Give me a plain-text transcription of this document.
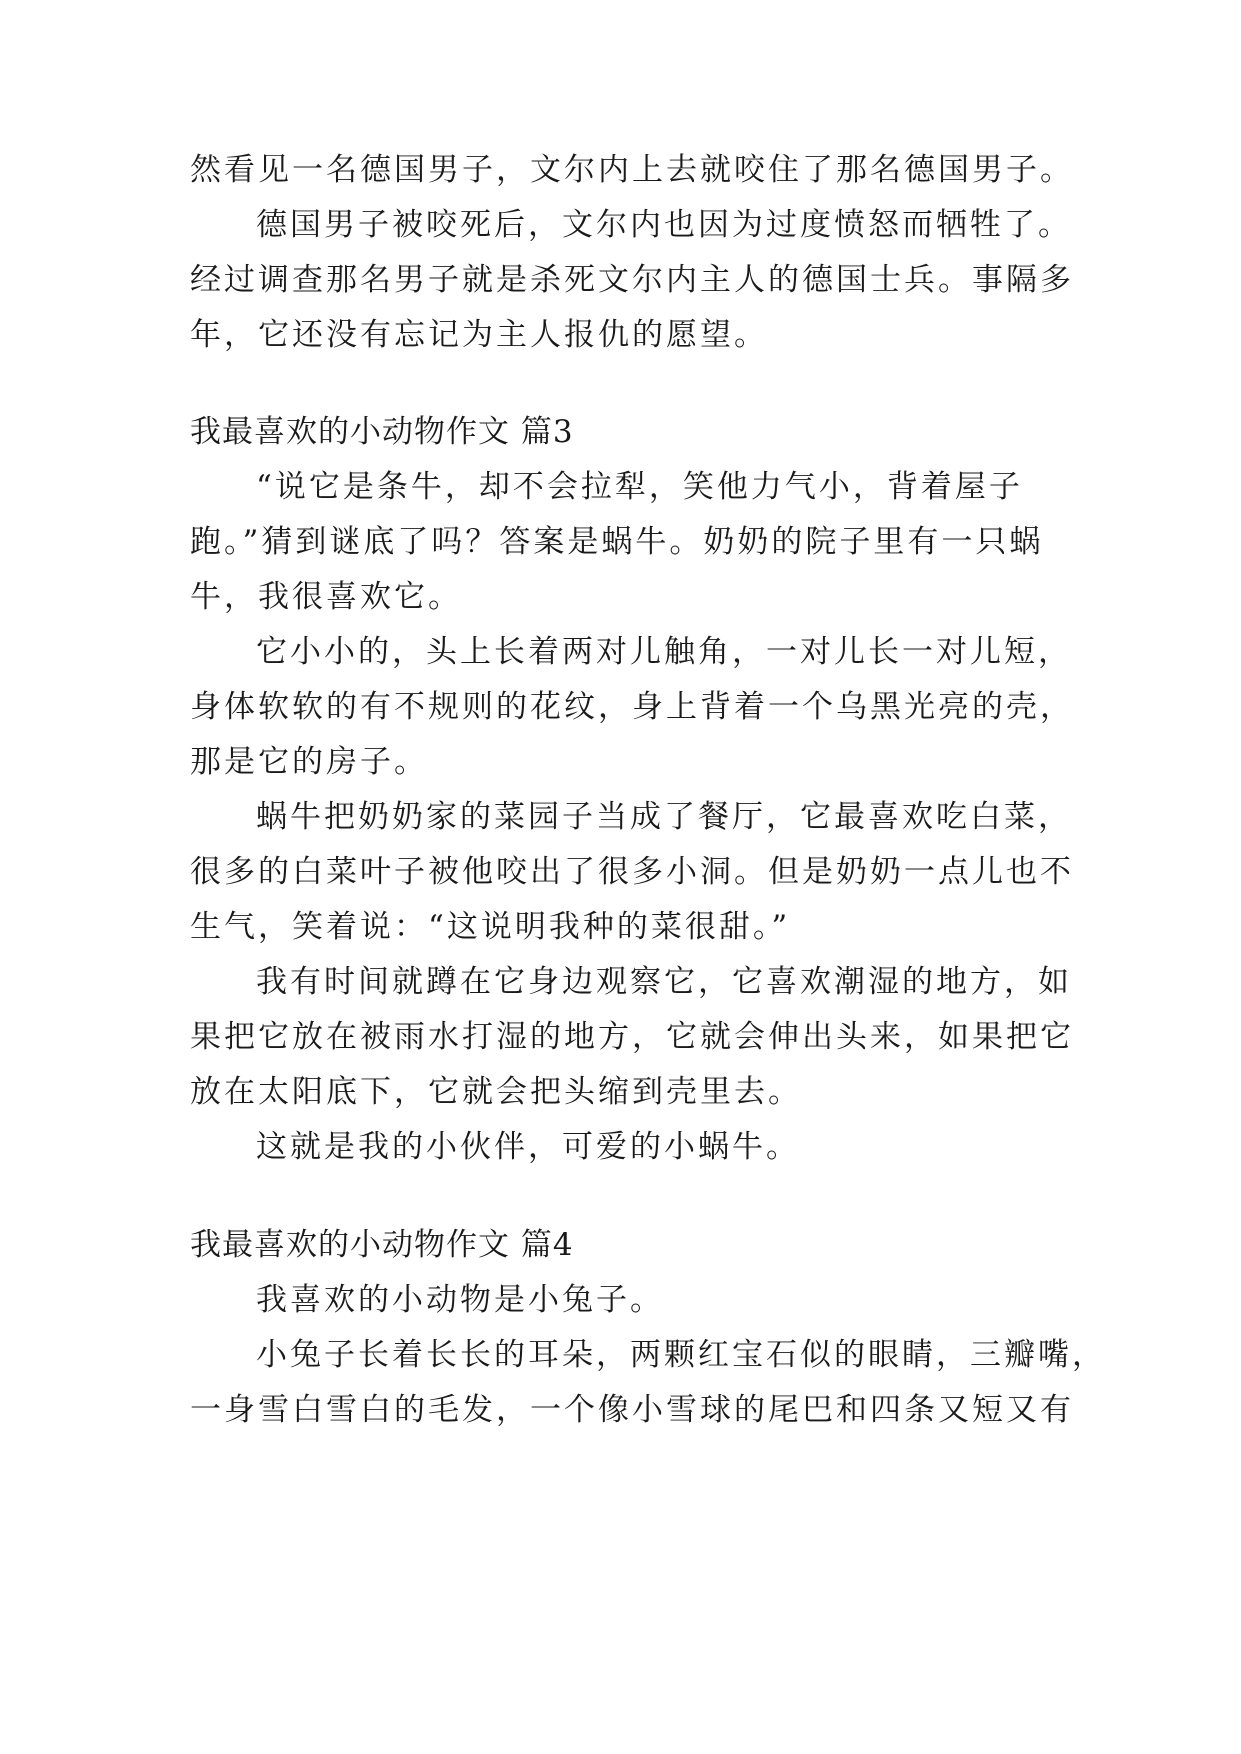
然看见一名德国男子，文尔内上去就咬住了那名德国男子。
德国男子被咬死后，文尔内也因为过度愤怒而牺牲了。
经过调查那名男子就是杀死文尔内主人的德国士兵。事隔多
年，它还没有忘记为主人报仇的愿望。
我最喜欢的小动物作文 篇3
“说它是条牛，却不会拉犁，笑他力气小，背着屋子
跑。”猜到谜底了吗？答案是蜗牛。奶奶的院子里有一只蜗
牛，我很喜欢它。
它小小的，头上长着两对儿触角，一对儿长一对儿短，
身体软软的有不规则的花纹，身上背着一个乌黑光亮的壳，
那是它的房子。
蜗牛把奶奶家的菜园子当成了餐厅，它最喜欢吃白菜，
很多的白菜叶子被他咬出了很多小洞。但是奶奶一点儿也不
生气，笑着说：“这说明我种的菜很甜。”
我有时间就蹲在它身边观察它，它喜欢潮湿的地方，如
果把它放在被雨水打湿的地方，它就会伸出头来，如果把它
放在太阳底下，它就会把头缩到壳里去。
这就是我的小伙伴，可爱的小蜗牛。
我最喜欢的小动物作文 篇4
我喜欢的小动物是小兔子。
小兔子长着长长的耳朵，两颗红宝石似的眼睛，三瓣嘴，
一身雪白雪白的毛发，一个像小雪球的尾巴和四条又短又有
